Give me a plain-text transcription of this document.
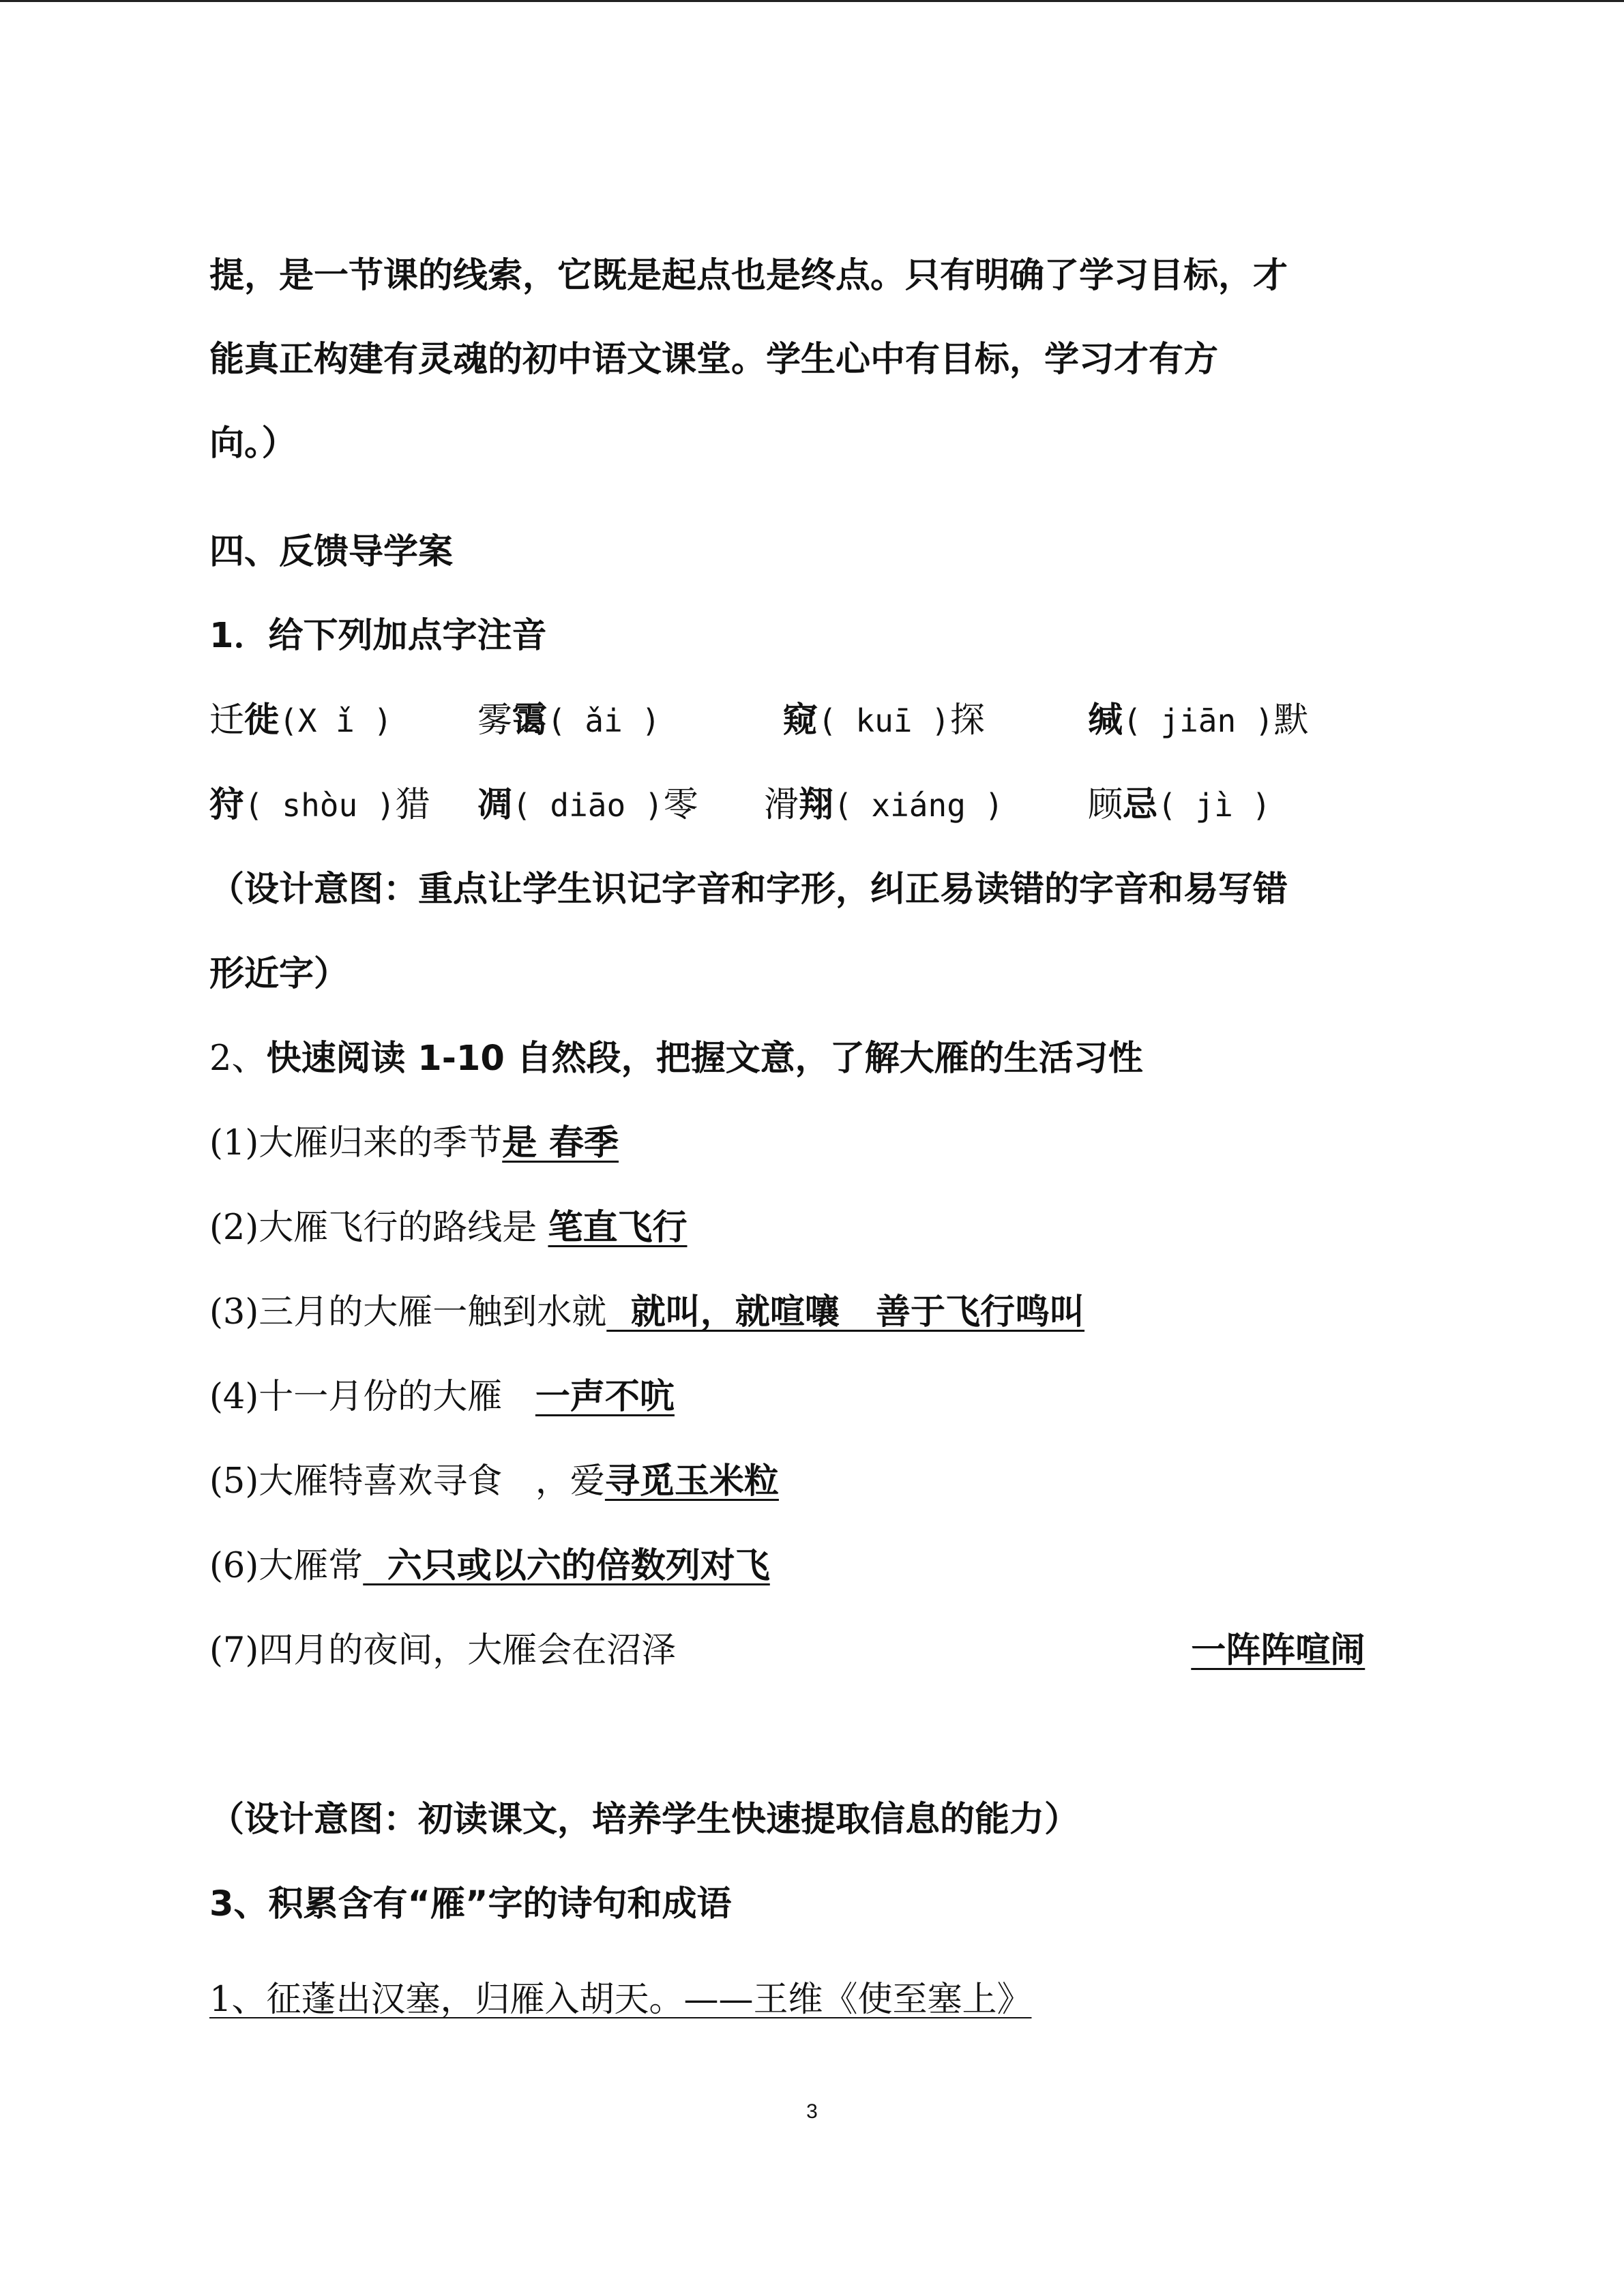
提，是一节课的线索，它既是起点也是终点。只有明确了学习目标，才
能真正构建有灵魂的初中语文课堂。学生心中有目标，学习才有方
向。）
四、反馈导学案
1．给下列加点字注音
迁徙(X ǐ ) 雾霭( ǎi )	窥( kuī )探	缄( jiān )默
狩( shòu )猎 凋( diāo )零 滑翔( xiáng ) 顾忌( jì )
（设计意图：重点让学生识记字音和字形，纠正易读错的字音和易写错
形近字）
2、快速阅读 1-10 自然段，把握文意，了解大雁的生活习性
(1)大雁归来的季节是 春季
(2)大雁飞行的路线是 笔直飞行
(3)三月的大雁一触到水就  就叫，就喧嚷   善于飞行鸣叫
(4)十一月份的大雁   一声不吭
(5)大雁特喜欢寻食   ，爱寻觅玉米粒
(6)大雁常  六只或以六的倍数列对飞
(7)四月的夜间，大雁会在沼泽	一阵阵喧闹
（设计意图：初读课文，培养学生快速提取信息的能力）
3、积累含有“雁”字的诗句和成语
1、征蓬出汉塞，归雁入胡天。——王维《使至塞上》
3
